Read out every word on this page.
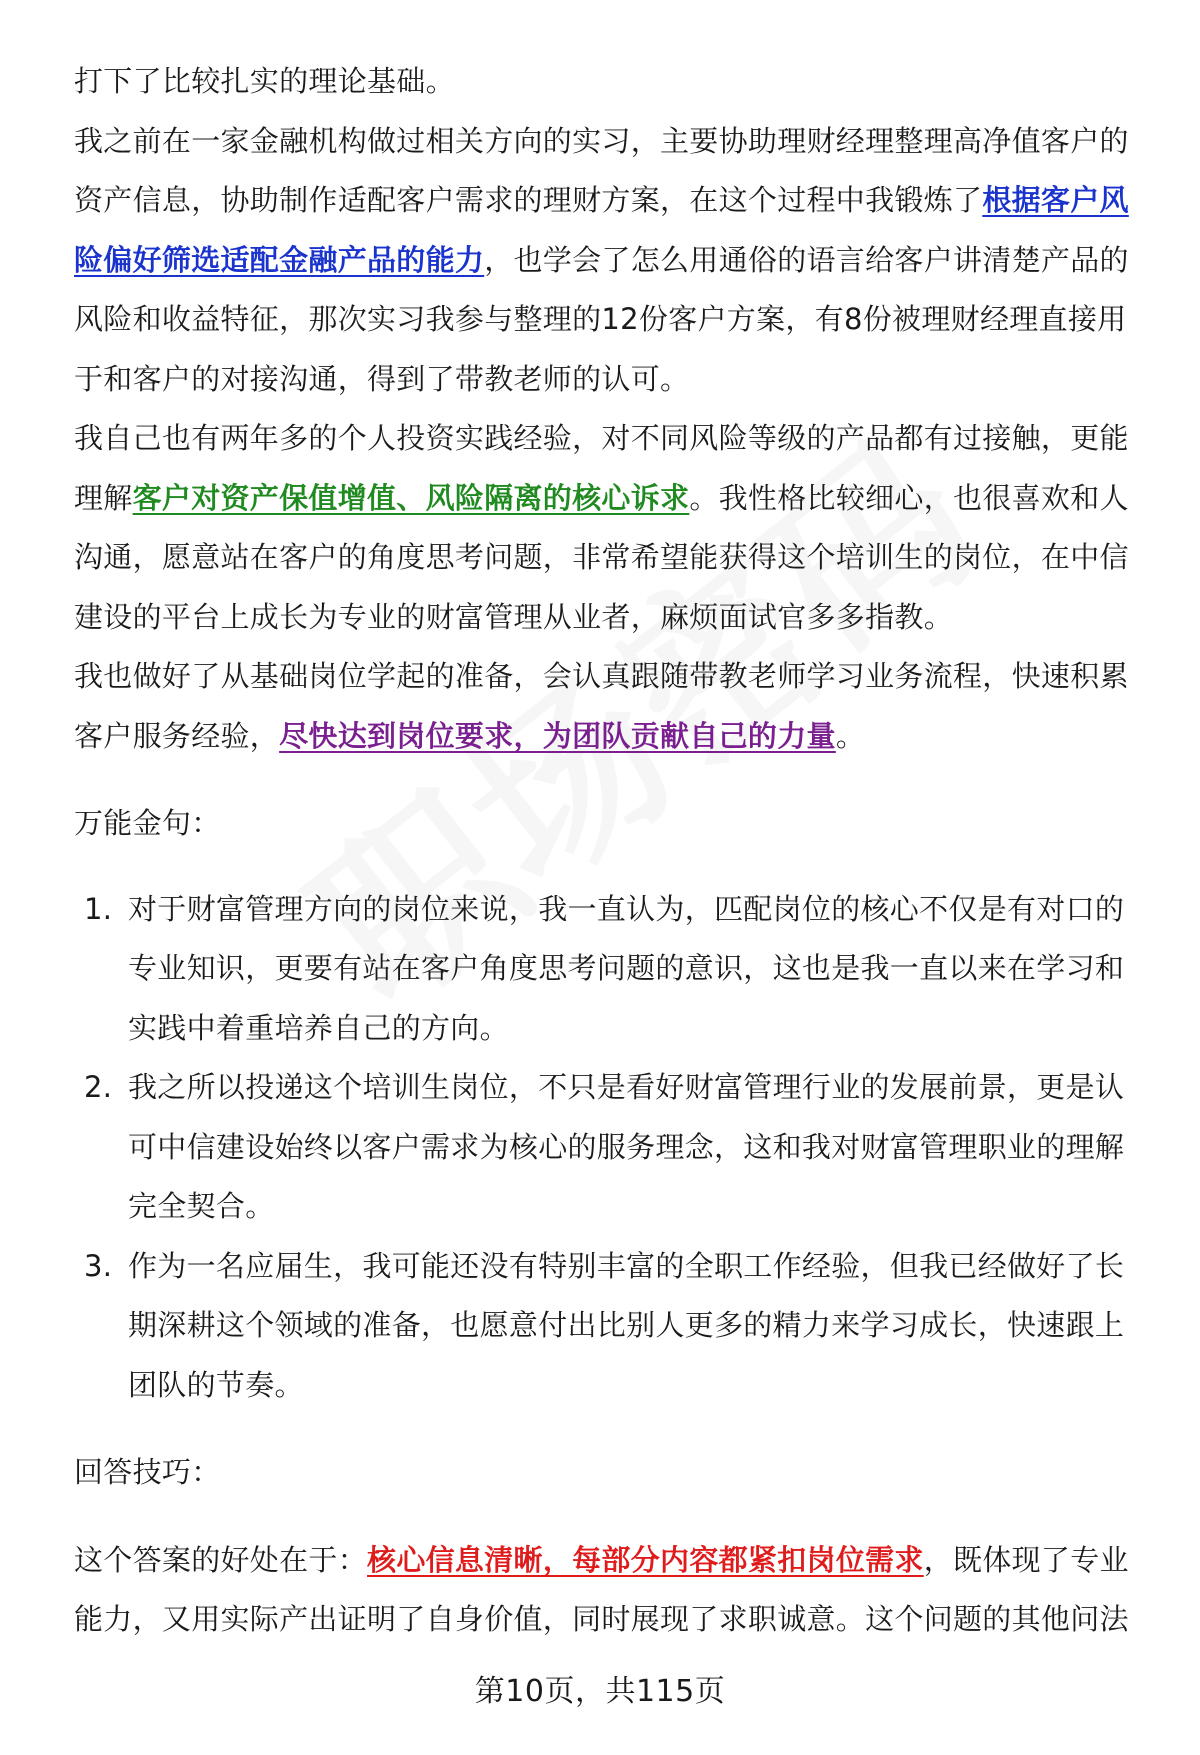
打下了比较扎实的理论基础。

我之前在一家金融机构做过相关方向的实习，主要协助理财经理整理高净值客户的资产信息，协助制作适配客户需求的理财方案，在这个过程中我锻炼了根据客户风险偏好筛选适配金融产品的能力，也学会了怎么用通俗的语言给客户讲清楚产品的风险和收益特征，那次实习我参与整理的12份客户方案，有8份被理财经理直接用于和客户的对接沟通，得到了带教老师的认可。

我自己也有两年多的个人投资实践经验，对不同风险等级的产品都有过接触，更能理解客户对资产保值增值、风险隔离的核心诉求。我性格比较细心，也很喜欢和人沟通，愿意站在客户的角度思考问题，非常希望能获得这个培训生的岗位，在中信建设的平台上成长为专业的财富管理从业者，麻烦面试官多多指教。

我也做好了从基础岗位学起的准备，会认真跟随带教老师学习业务流程，快速积累客户服务经验，尽快达到岗位要求，为团队贡献自己的力量。

万能金句：

1. 对于财富管理方向的岗位来说，我一直认为，匹配岗位的核心不仅是有对口的专业知识，更要有站在客户角度思考问题的意识，这也是我一直以来在学习和实践中着重培养自己的方向。
2. 我之所以投递这个培训生岗位，不只是看好财富管理行业的发展前景，更是认可中信建设始终以客户需求为核心的服务理念，这和我对财富管理职业的理解完全契合。
3. 作为一名应届生，我可能还没有特别丰富的全职工作经验，但我已经做好了长期深耕这个领域的准备，也愿意付出比别人更多的精力来学习成长，快速跟上团队的节奏。

回答技巧：

这个答案的好处在于：核心信息清晰，每部分内容都紧扣岗位需求，既体现了专业能力，又用实际产出证明了自身价值，同时展现了求职诚意。这个问题的其他问法

第10页，共115页
